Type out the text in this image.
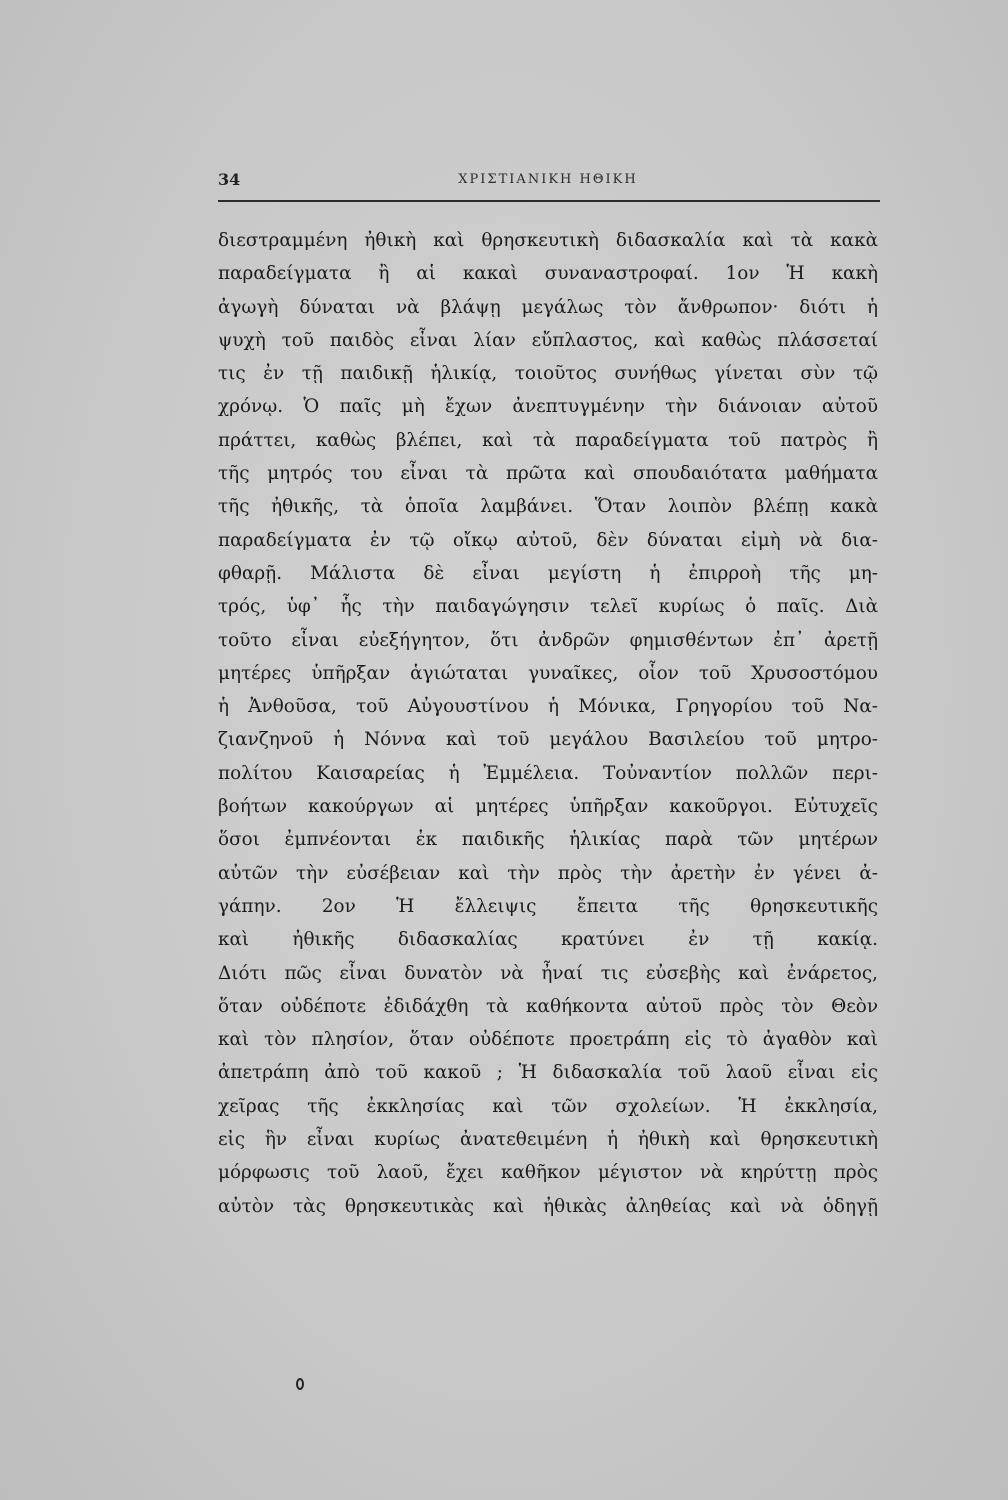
34	ΧΡΙΣΤΙΑΝΙΚΗ ΗΘΙΚΗ
διεστραμμένη ἠθικὴ καὶ θρησκευτικὴ διδασκαλία καὶ τὰ κακὰ
παραδείγματα ἢ αἱ κακαὶ συναναστροφαί. 1ον Ἡ κακὴ
ἀγωγὴ δύναται νὰ βλάψῃ μεγάλως τὸν ἄνθρωπον· διότι ἡ
ψυχὴ τοῦ παιδὸς εἶναι λίαν εὔπλαστος, καὶ καθὼς πλάσσεταί
τις ἐν τῇ παιδικῇ ἡλικίᾳ, τοιοῦτος συνήθως γίνεται σὺν τῷ
χρόνῳ. Ὁ παῖς μὴ ἔχων ἀνεπτυγμένην τὴν διάνοιαν αὐτοῦ
πράττει, καθὼς βλέπει, καὶ τὰ παραδείγματα τοῦ πατρὸς ἢ
τῆς μητρός του εἶναι τὰ πρῶτα καὶ σπουδαιότατα μαθήματα
τῆς ἠθικῆς, τὰ ὁποῖα λαμβάνει. Ὅταν λοιπὸν βλέπῃ κακὰ
παραδείγματα ἐν τῷ οἴκῳ αὐτοῦ, δὲν δύναται εἰμὴ νὰ δια-
φθαρῇ. Μάλιστα δὲ εἶναι μεγίστη ἡ ἐπιρροὴ τῆς μη-
τρός, ὑφ᾽ ἧς τὴν παιδαγώγησιν τελεῖ κυρίως ὁ παῖς. Διὰ
τοῦτο εἶναι εὐεξήγητον, ὅτι ἀνδρῶν φημισθέντων ἐπ᾽ ἀρετῇ
μητέρες ὑπῆρξαν ἁγιώταται γυναῖκες, οἷον τοῦ Χρυσοστόμου
ἡ Ἀνθοῦσα, τοῦ Αὐγουστίνου ἡ Μόνικα, Γρηγορίου τοῦ Να-
ζιανζηνοῦ ἡ Νόννα καὶ τοῦ μεγάλου Βασιλείου τοῦ μητρο-
πολίτου Καισαρείας ἡ Ἐμμέλεια. Τοὐναντίον πολλῶν περι-
βοήτων κακούργων αἱ μητέρες ὑπῆρξαν κακοῦργοι. Εὐτυχεῖς
ὅσοι ἐμπνέονται ἐκ παιδικῆς ἡλικίας παρὰ τῶν μητέρων
αὐτῶν τὴν εὐσέβειαν καὶ τὴν πρὸς τὴν ἀρετὴν ἐν γένει ἀ-
γάπην. 2ον Ἡ ἔλλειψις ἔπειτα τῆς θρησκευτικῆς
καὶ ἠθικῆς διδασκαλίας κρατύνει ἐν τῇ κακίᾳ.
Διότι πῶς εἶναι δυνατὸν νὰ ἦναί τις εὐσεβὴς καὶ ἐνάρετος,
ὅταν οὐδέποτε ἐδιδάχθη τὰ καθήκοντα αὐτοῦ πρὸς τὸν Θεὸν
καὶ τὸν πλησίον, ὅταν οὐδέποτε προετράπη εἰς τὸ ἀγαθὸν καὶ
ἀπετράπη ἀπὸ τοῦ κακοῦ ; Ἡ διδασκαλία τοῦ λαοῦ εἶναι εἰς
χεῖρας τῆς ἐκκλησίας καὶ τῶν σχολείων. Ἡ ἐκκλησία,
εἰς ἣν εἶναι κυρίως ἀνατεθειμένη ἡ ἠθικὴ καὶ θρησκευτικὴ
μόρφωσις τοῦ λαοῦ, ἔχει καθῆκον μέγιστον νὰ κηρύττῃ πρὸς
αὐτὸν τὰς θρησκευτικὰς καὶ ἠθικὰς ἀληθείας καὶ νὰ ὁδηγῇ
